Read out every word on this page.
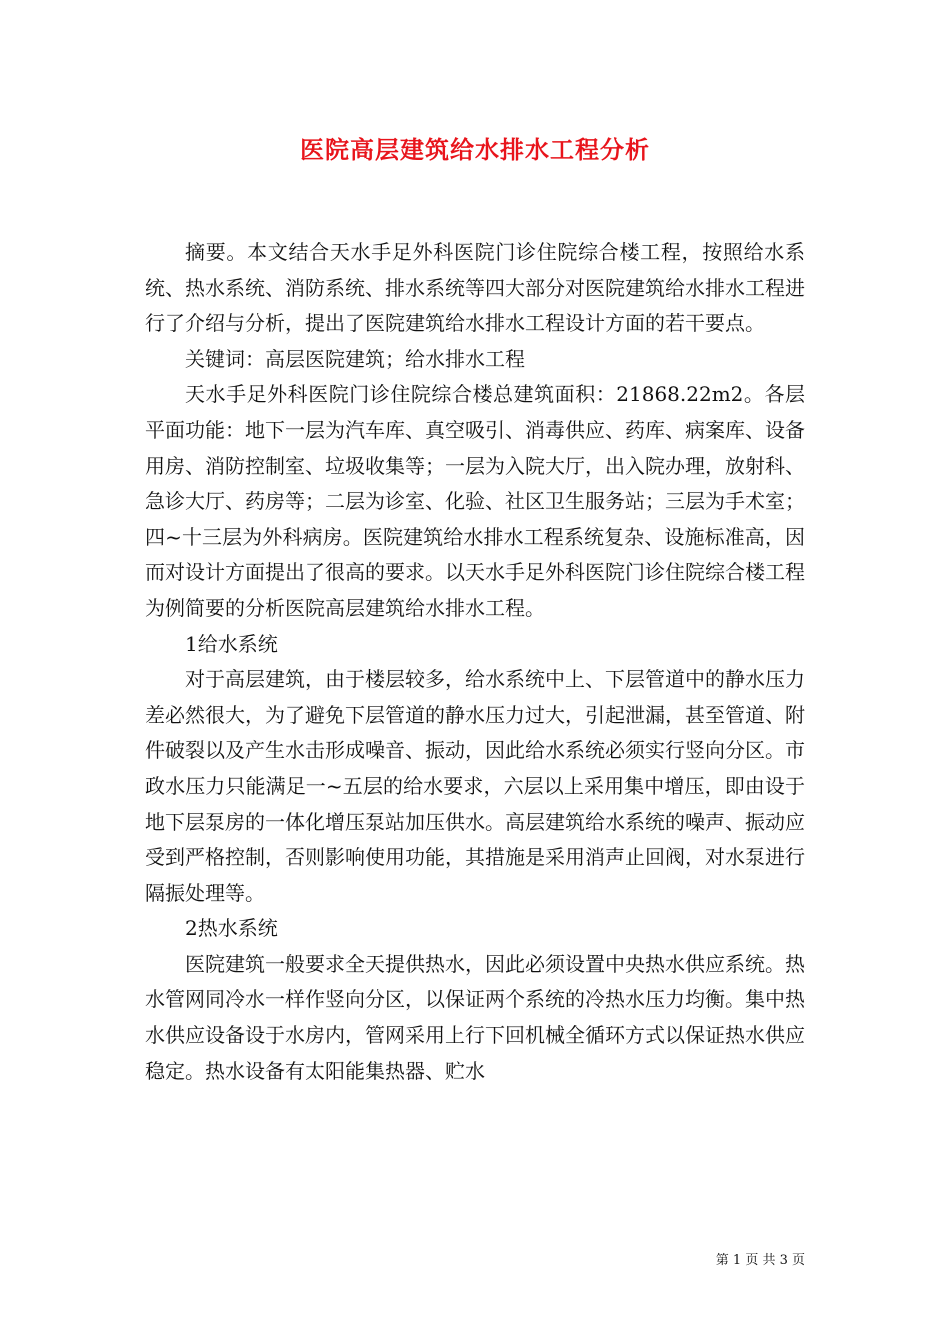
医院高层建筑给水排水工程分析

摘要。本文结合天水手足外科医院门诊住院综合楼工程，按照给水系统、热水系统、消防系统、排水系统等四大部分对医院建筑给水排水工程进行了介绍与分析，提出了医院建筑给水排水工程设计方面的若干要点。

关键词：高层医院建筑；给水排水工程

天水手足外科医院门诊住院综合楼总建筑面积：21868.22m2。各层平面功能：地下一层为汽车库、真空吸引、消毒供应、药库、病案库、设备用房、消防控制室、垃圾收集等；一层为入院大厅，出入院办理，放射科、急诊大厅、药房等；二层为诊室、化验、社区卫生服务站；三层为手术室；四~十三层为外科病房。医院建筑给水排水工程系统复杂、设施标准高，因而对设计方面提出了很高的要求。以天水手足外科医院门诊住院综合楼工程为例简要的分析医院高层建筑给水排水工程。

1给水系统

对于高层建筑，由于楼层较多，给水系统中上、下层管道中的静水压力差必然很大，为了避免下层管道的静水压力过大，引起泄漏，甚至管道、附件破裂以及产生水击形成噪音、振动，因此给水系统必须实行竖向分区。市政水压力只能满足一~五层的给水要求，六层以上采用集中增压，即由设于地下层泵房的一体化增压泵站加压供水。高层建筑给水系统的噪声、振动应受到严格控制，否则影响使用功能，其措施是采用消声止回阀，对水泵进行隔振处理等。

2热水系统

医院建筑一般要求全天提供热水，因此必须设置中央热水供应系统。热水管网同冷水一样作竖向分区，以保证两个系统的冷热水压力均衡。集中热水供应设备设于水房内，管网采用上行下回机械全循环方式以保证热水供应稳定。热水设备有太阳能集热器、贮水

第 1 页 共 3 页
